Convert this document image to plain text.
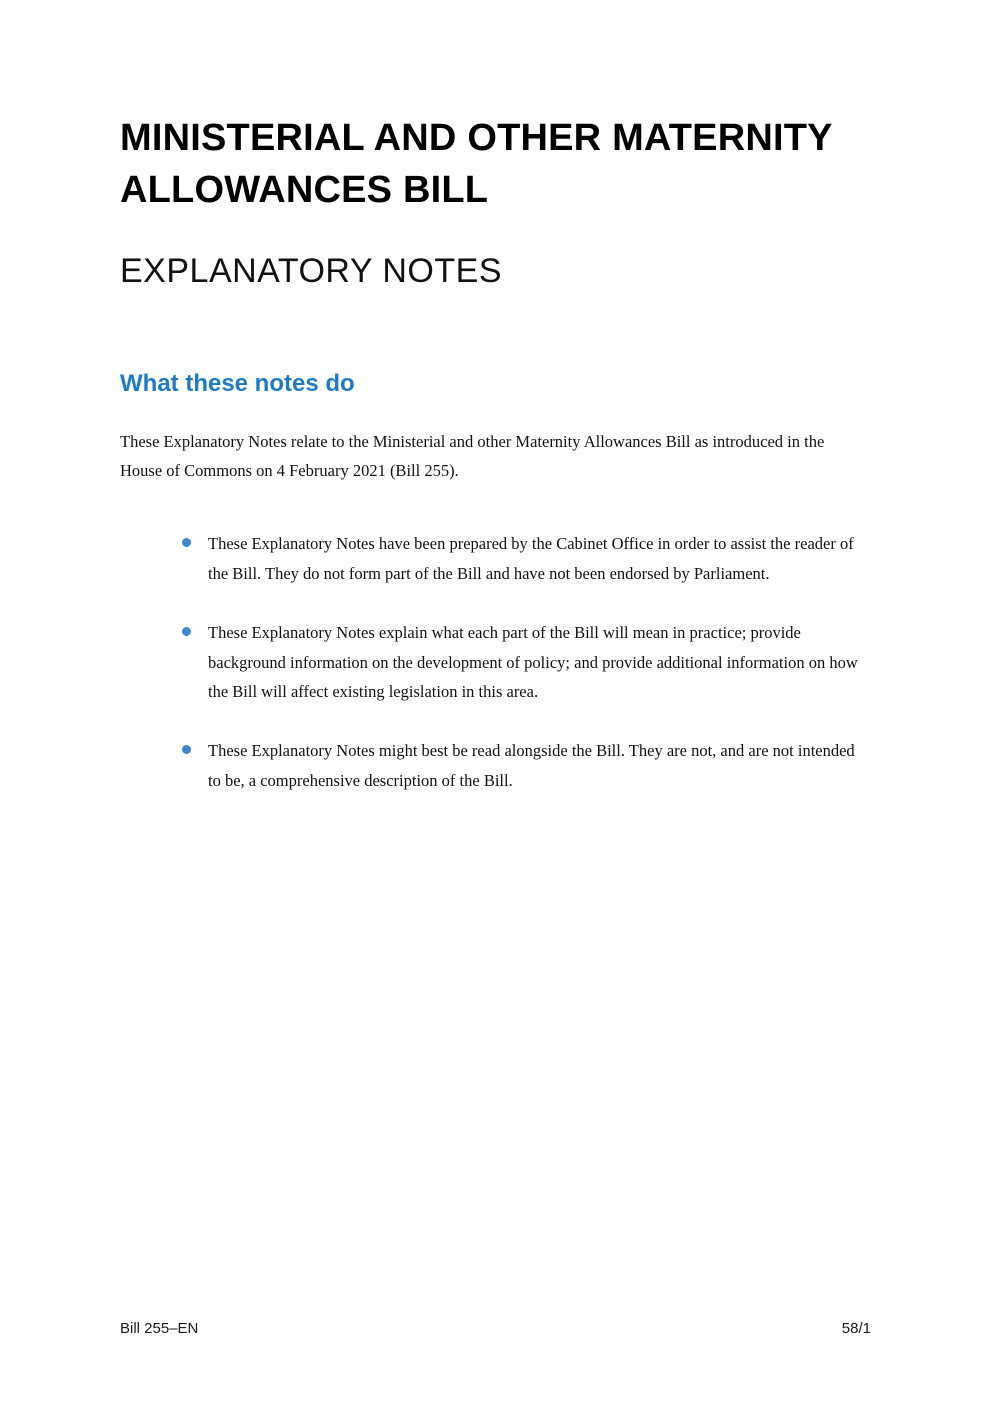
MINISTERIAL AND OTHER MATERNITY ALLOWANCES BILL
EXPLANATORY NOTES
What these notes do

These Explanatory Notes relate to the Ministerial and other Maternity Allowances Bill as introduced in the House of Commons on 4 February 2021 (Bill 255).

These Explanatory Notes have been prepared by the Cabinet Office in order to assist the reader of the Bill. They do not form part of the Bill and have not been endorsed by Parliament.
These Explanatory Notes explain what each part of the Bill will mean in practice; provide background information on the development of policy; and provide additional information on how the Bill will affect existing legislation in this area.
These Explanatory Notes might best be read alongside the Bill. They are not, and are not intended to be, a comprehensive description of the Bill.
Bill 255–EN	58/1
